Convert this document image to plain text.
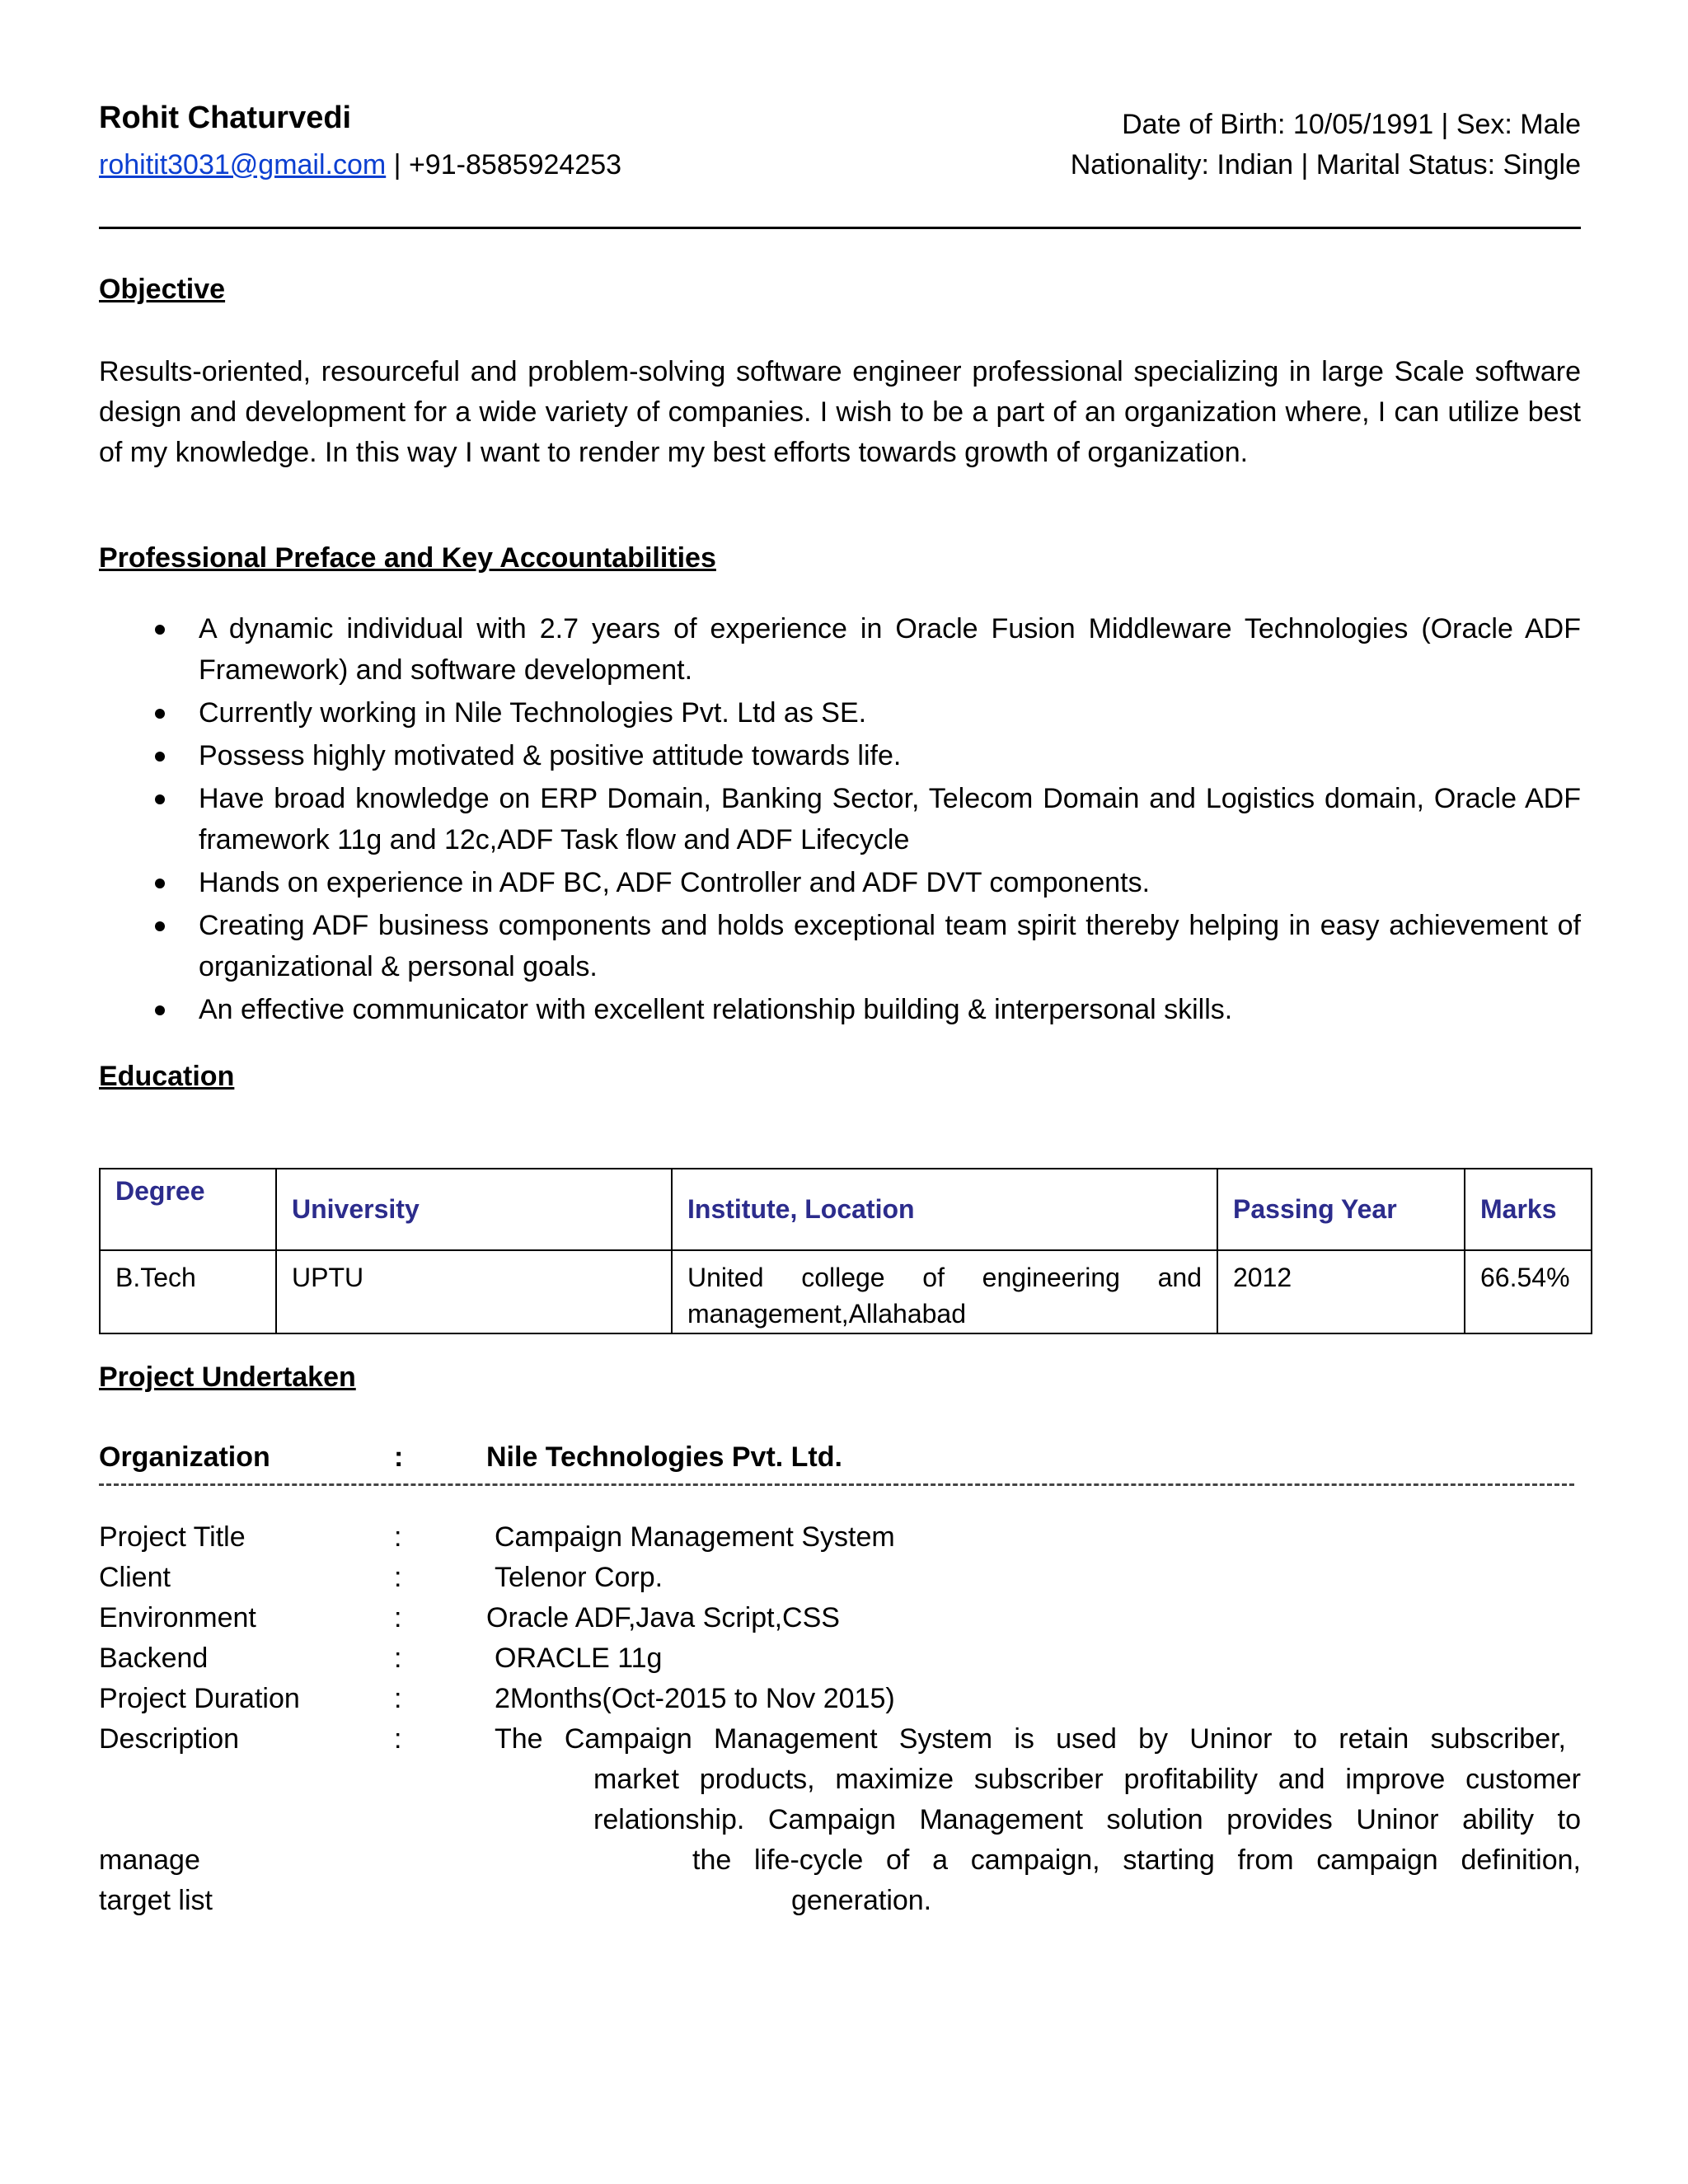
Rohit Chaturvedi
rohitit3031@gmail.com | +91-8585924253
Date of Birth: 10/05/1991 | Sex: Male
Nationality: Indian | Marital Status: Single
Objective
Results-oriented, resourceful and problem-solving software engineer professional specializing in large Scale software design and development for a wide variety of companies. I wish to be a part of an organization where, I can utilize best of my knowledge. In this way I want to render my best efforts towards growth of organization.
Professional Preface and Key Accountabilities
A dynamic individual with 2.7 years of experience in Oracle Fusion Middleware Technologies (Oracle ADF Framework) and software development.
Currently working in Nile Technologies Pvt. Ltd as SE.
Possess highly motivated & positive attitude towards life.
Have broad knowledge on ERP Domain, Banking Sector, Telecom Domain and Logistics domain, Oracle ADF framework 11g and 12c,ADF Task flow and ADF Lifecycle
Hands on experience in ADF BC, ADF Controller and ADF DVT components.
Creating ADF business components and holds exceptional team spirit thereby helping in easy achievement of organizational & personal goals.
An effective communicator with excellent relationship building & interpersonal skills.
Education
Degree	University	Institute, Location	Passing Year	Marks
B.Tech	UPTU	United college of engineering and management,Allahabad	2012	66.54%
Project Undertaken
Organization	:	Nile Technologies Pvt. Ltd.
Project Title	:	Campaign Management System
Client	:	Telenor Corp.
Environment	:	Oracle ADF,Java Script,CSS
Backend	:	ORACLE 11g
Project Duration	:	2Months(Oct-2015 to Nov 2015)
Description	:	The Campaign Management System is used by Uninor to retain subscriber,
market products, maximize subscriber profitability and improve customer
relationship. Campaign Management solution provides Uninor ability to
manage	the life-cycle of a campaign, starting from campaign definition,
target list	generation.
